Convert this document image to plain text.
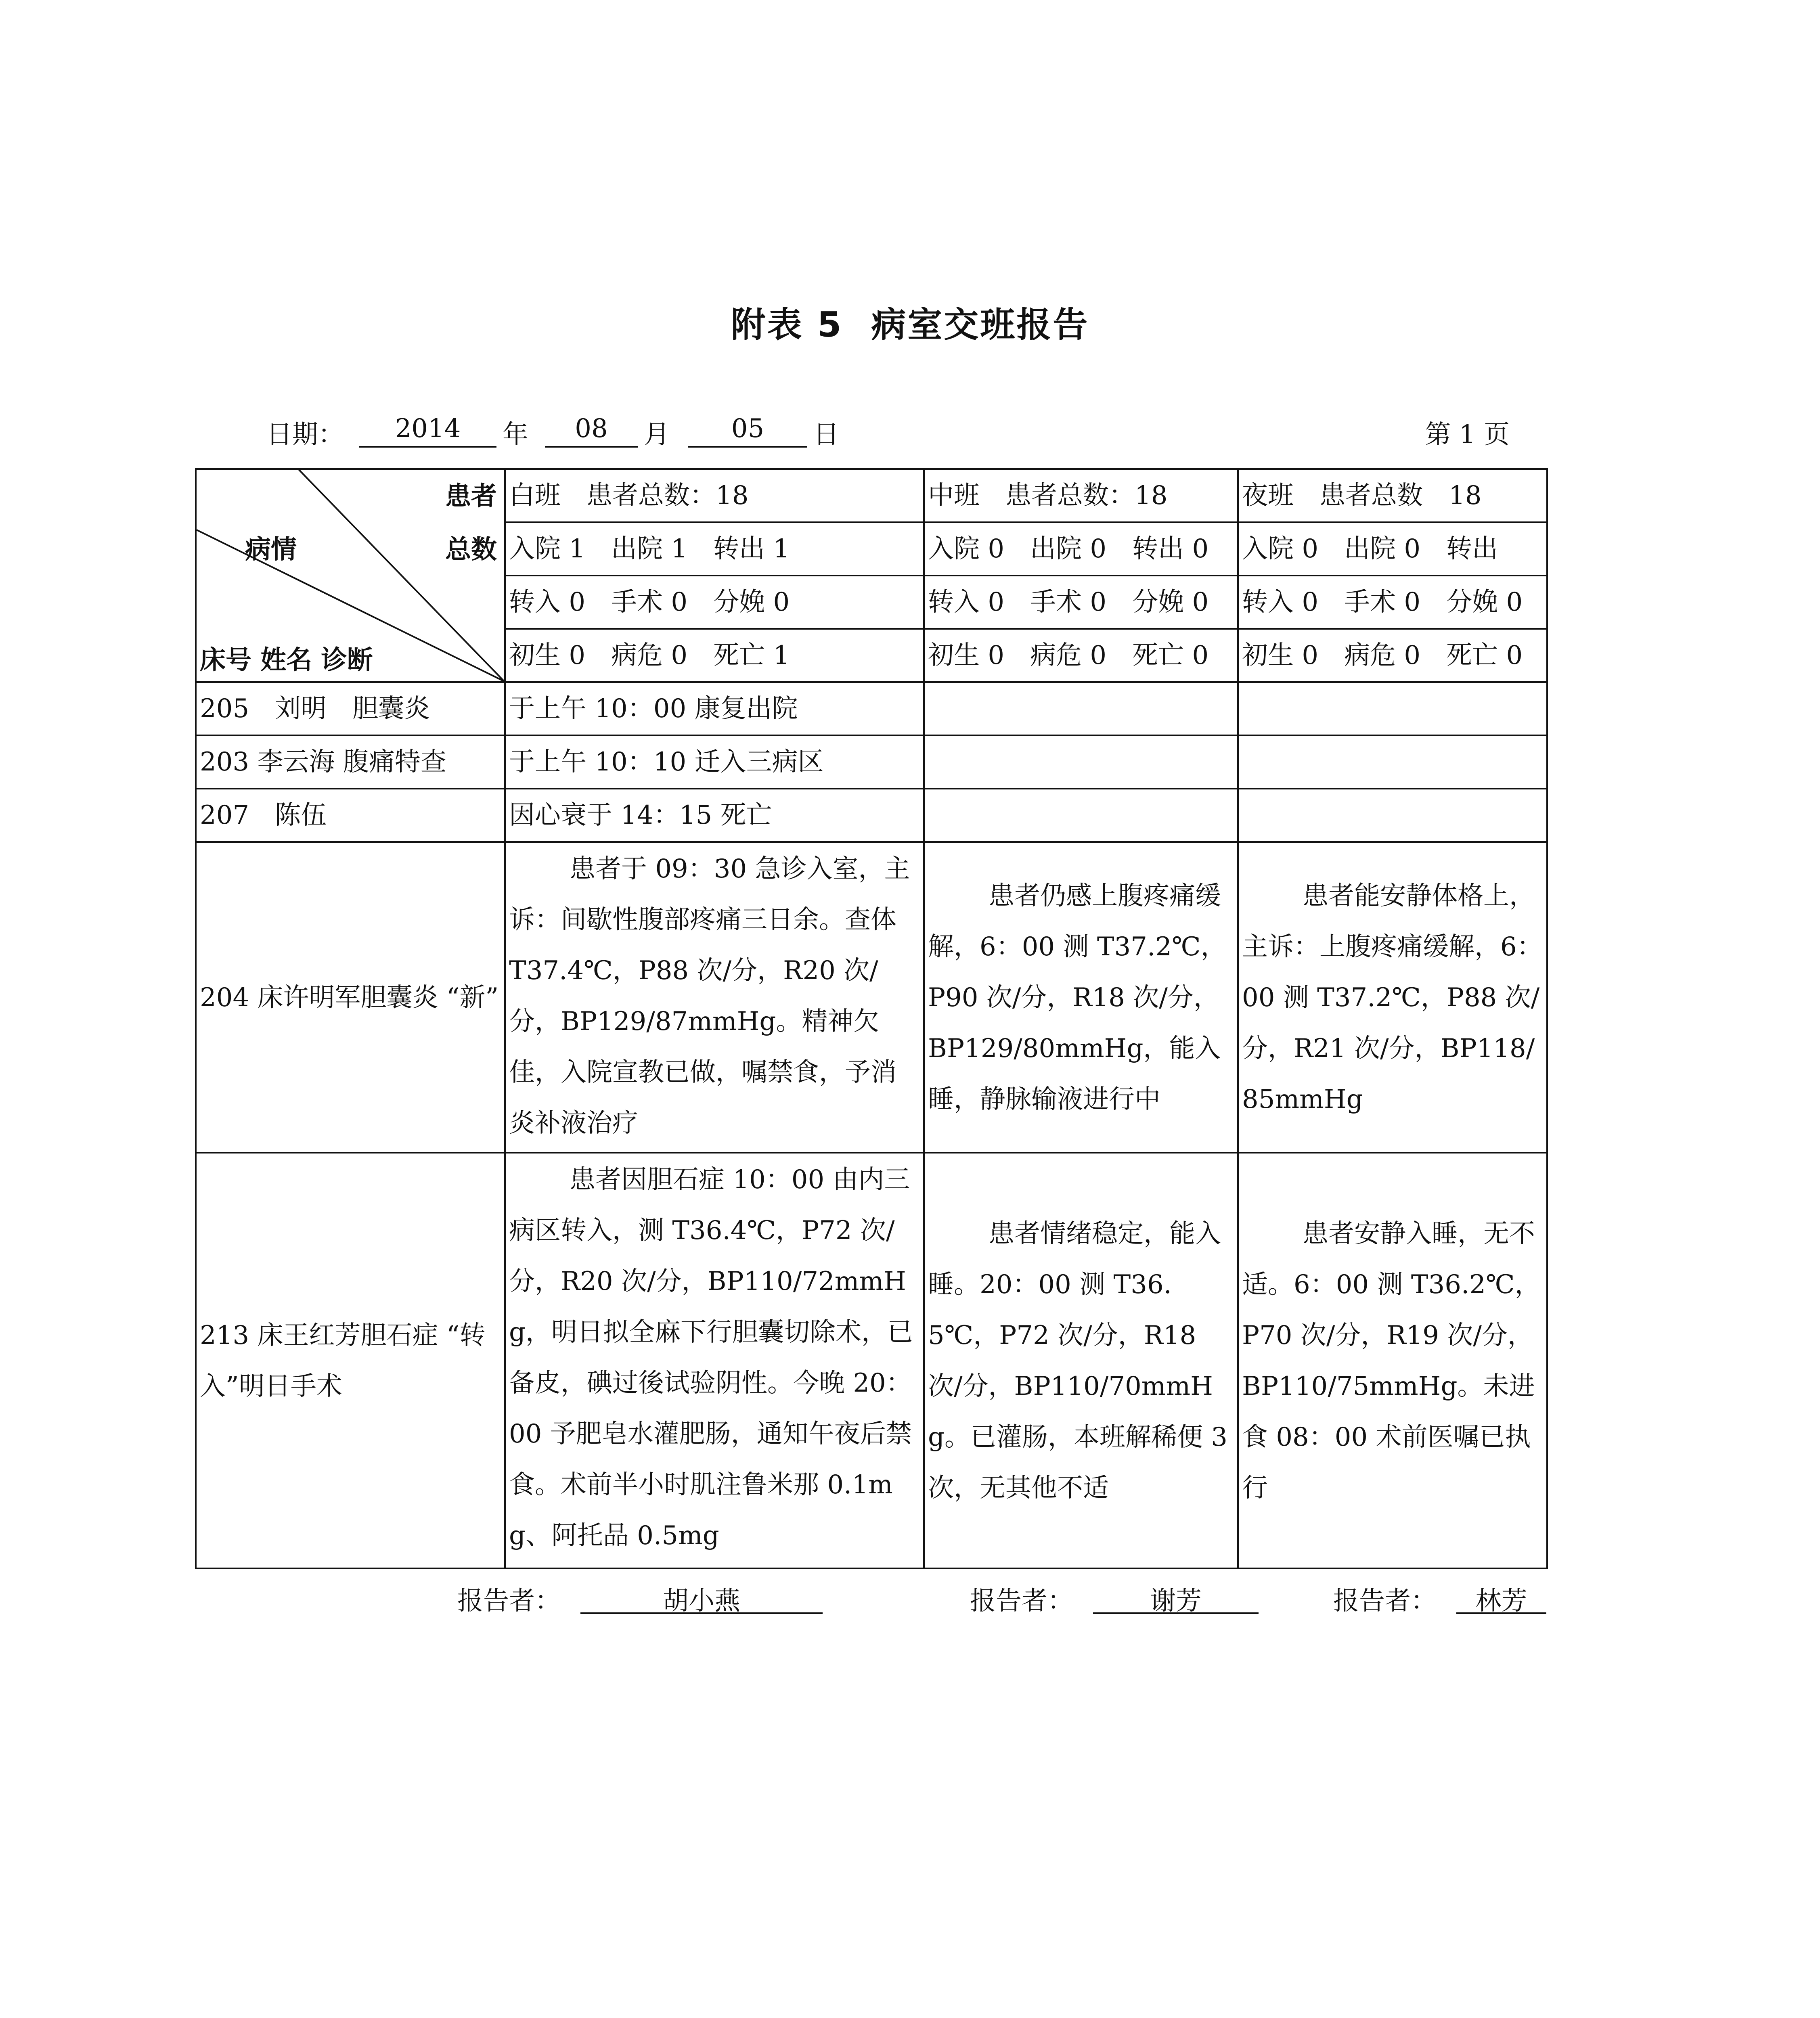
附表 5 病室交班报告
日期：	2014	年	08	月	05	日	第 1 页
患者
总数
病情
床号 姓名 诊断	白班　患者总数：18	中班　患者总数：18	夜班　患者总数　18
	入院 1　出院 1　转出 1	入院 0　出院 0　转出 0	入院 0　出院 0　转出
	转入 0　手术 0　分娩 0	转入 0　手术 0　分娩 0	转入 0　手术 0　分娩 0
	初生 0　病危 0　死亡 1	初生 0　病危 0　死亡 0	初生 0　病危 0　死亡 0
205　刘明　胆囊炎	于上午 10：00 康复出院		
203 李云海 腹痛特查	于上午 10：10 迁入三病区		
207　陈伍	因心衰于 14：15 死亡		
204 床许明军胆囊炎 “新”	患者于 09：30 急诊入室，主诉：间歇性腹部疼痛三日余。查体 T37.4℃，P88 次/分，R20 次/分，BP129/87mmHg。精神欠佳，入院宣教已做，嘱禁食，予消炎补液治疗	患者仍感上腹疼痛缓解，6：00 测 T37.2℃，P90 次/分，R18 次/分，BP129/80mmHg，能入睡，静脉输液进行中	患者能安静体格上，主诉：上腹疼痛缓解，6：00 测 T37.2℃，P88 次/分，R21 次/分，BP118/85mmHg
213 床王红芳胆石症 “转入”明日手术	患者因胆石症 10：00 由内三病区转入，测 T36.4℃，P72 次/分，R20 次/分，BP110/72mmHg，明日拟全麻下行胆囊切除术，已备皮，碘过後试验阴性。今晚 20：00 予肥皂水灌肥肠，通知午夜后禁食。术前半小时肌注鲁米那 0.1mg、阿托品 0.5mg	患者情绪稳定，能入睡。20：00 测 T36.5℃，P72 次/分，R18 次/分，BP110/70mmHg。已灌肠，本班解稀便 3 次，无其他不适	患者安静入睡，无不适。6：00 测 T36.2℃，P70 次/分，R19 次/分，BP110/75mmHg。未进食 08：00 术前医嘱已执行
报告者：	胡小燕	报告者：	谢芳	报告者：	林芳
